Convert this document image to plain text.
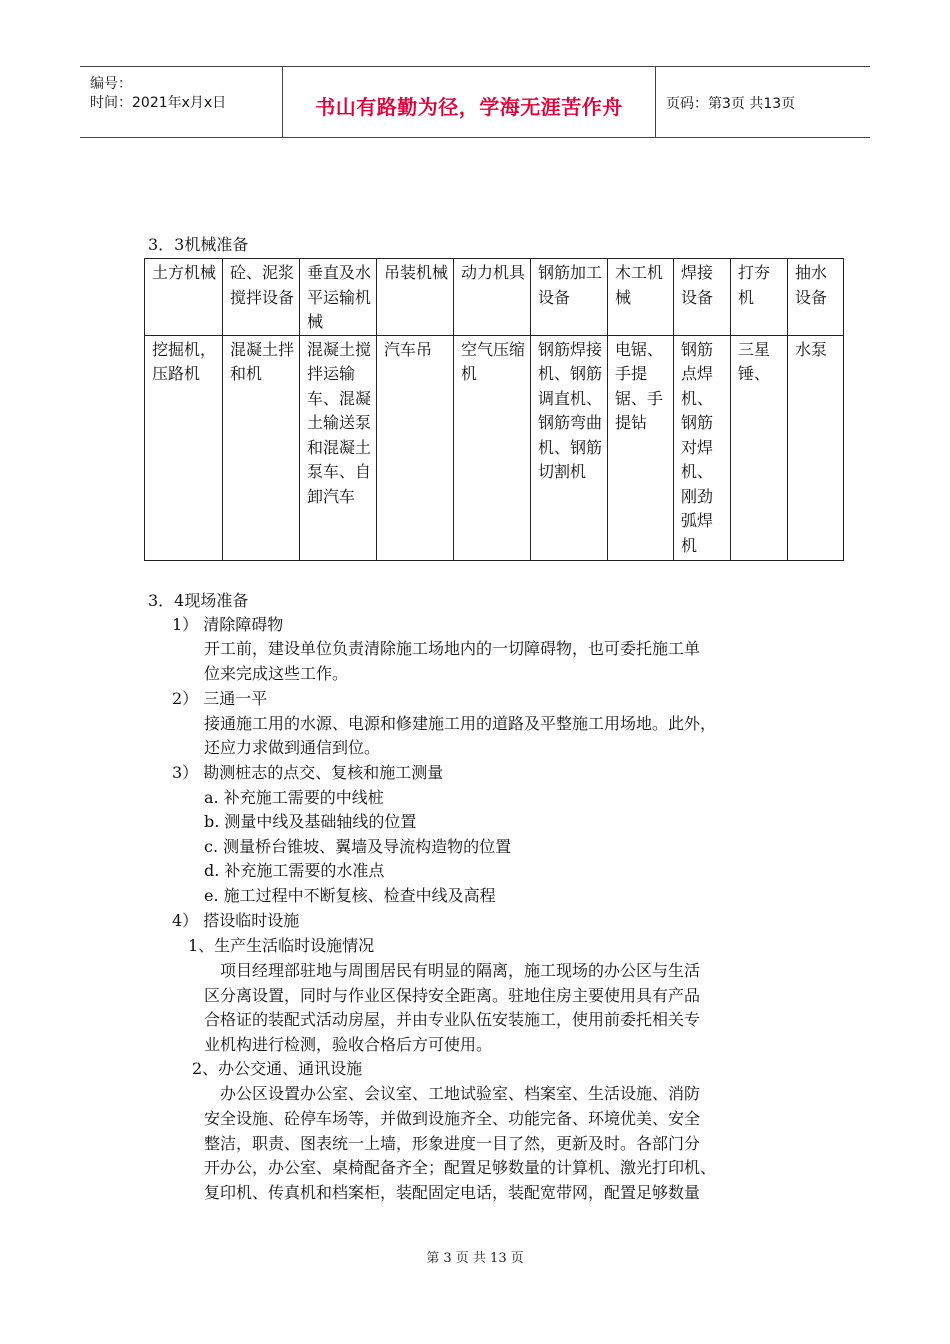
编号：
时间：2021年x月x日	书山有路勤为径，学海无涯苦作舟	页码：第3页 共13页
3．3机械准备
土方机械	砼、泥浆搅拌设备	垂直及水平运输机械	吊装机械	动力机具	钢筋加工设备	木工机械	焊接设备	打夯机	抽水设备
挖掘机，压路机	混凝土拌和机	混凝土搅拌运输车、混凝土输送泵和混凝土泵车、自卸汽车	汽车吊	空气压缩机	钢筋焊接机、钢筋调直机、钢筋弯曲机、钢筋切割机	电锯、手提锯、手提钻	钢筋点焊机、钢筋对焊机、刚劲弧焊机	三星锤、	水泵
3．4现场准备
1） 清除障碍物
开工前，建设单位负责清除施工场地内的一切障碍物，也可委托施工单
位来完成这些工作。
2） 三通一平
接通施工用的水源、电源和修建施工用的道路及平整施工用场地。此外，
还应力求做到通信到位。
3） 勘测桩志的点交、复核和施工测量
a. 补充施工需要的中线桩
b. 测量中线及基础轴线的位置
c. 测量桥台锥坡、翼墙及导流构造物的位置
d. 补充施工需要的水准点
e. 施工过程中不断复核、检查中线及高程
4） 搭设临时设施
1、生产生活临时设施情况
项目经理部驻地与周围居民有明显的隔离，施工现场的办公区与生活
区分离设置，同时与作业区保持安全距离。驻地住房主要使用具有产品
合格证的装配式活动房屋，并由专业队伍安装施工，使用前委托相关专
业机构进行检测，验收合格后方可使用。
2、办公交通、通讯设施
办公区设置办公室、会议室、工地试验室、档案室、生活设施、消防
安全设施、砼停车场等，并做到设施齐全、功能完备、环境优美、安全
整洁，职责、图表统一上墙，形象进度一目了然，更新及时。各部门分
开办公，办公室、桌椅配备齐全；配置足够数量的计算机、激光打印机、
复印机、传真机和档案柜，装配固定电话，装配宽带网，配置足够数量
第 3 页 共 13 页
